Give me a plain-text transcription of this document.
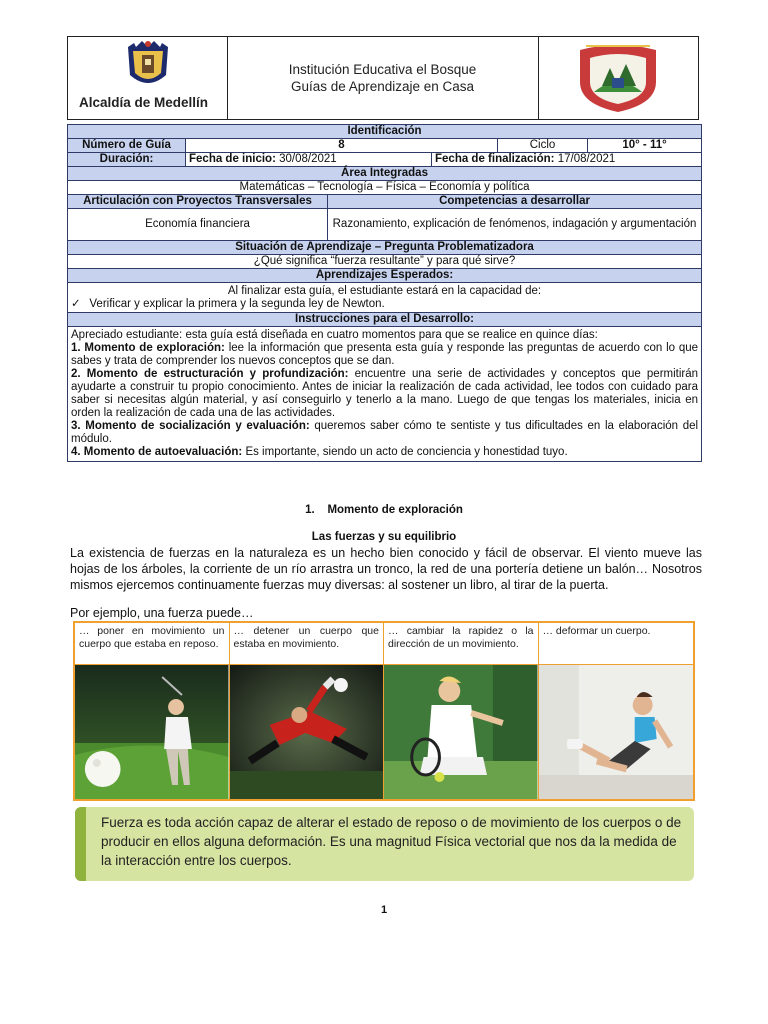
Alcaldía de Medellín
Institución Educativa el Bosque
Guías de Aprendizaje en Casa
Identificación					
Número de Guía	8			Ciclo	10° - 11°
Duración:	Fecha de inicio: 30/08/2021		Fecha de finalización: 17/08/2021		
Área Integradas					
Matemáticas – Tecnología – Física – Economía y política					
Articulación con Proyectos Transversales		Competencias a desarrollar			
Economía financiera		Razonamiento, explicación de fenómenos, indagación y argumentación			
Situación de Aprendizaje – Pregunta Problematizadora					
¿Qué significa “fuerza resultante” y para qué sirve?					
Aprendizajes Esperados:					

Al finalizar esta guía, el estudiante estará en la capacidad de:
✓ Verificar y explicar la primera y la segunda ley de Newton.					

Instrucciones para el Desarrollo:					

Apreciado estudiante: esta guía está diseñada en cuatro momentos para que se realice en quince días:
1. Momento de exploración: lee la información que presenta esta guía y responde las preguntas de acuerdo con lo que sabes y trata de comprender los nuevos conceptos que se dan.
2. Momento de estructuración y profundización: encuentre una serie de actividades y conceptos que permitirán ayudarte a construir tu propio conocimiento. Antes de iniciar la realización de cada actividad, lee todos con cuidado para saber si necesitas algún material, y así conseguirlo y tenerlo a la mano. Luego de que tengas los materiales, inicia en orden la realización de cada una de las actividades.
3. Momento de socialización y evaluación: queremos saber cómo te sentiste y tus dificultades en la elaboración del módulo.
4. Momento de autoevaluación: Es importante, siendo un acto de conciencia y honestidad tuyo.					
1.    Momento de exploración
Las fuerzas y su equilibrio
La existencia de fuerzas en la naturaleza es un hecho bien conocido y fácil de observar. El viento mueve las hojas de los árboles, la corriente de un río arrastra un tronco, la red de una portería detiene un balón… Nosotros mismos ejercemos continuamente fuerzas muy diversas: al sostener un libro, al tirar de la puerta.
Por ejemplo, una fuerza puede…
… poner en movimiento un cuerpo que estaba en reposo.
… detener un cuerpo que estaba en movimiento.
… cambiar la rapidez o la dirección de un movimiento.
… deformar un cuerpo.
Fuerza es toda acción capaz de alterar el estado de reposo o de movimiento de los cuerpos o de producir en ellos alguna deformación. Es una magnitud Física vectorial que nos da la medida de la interacción entre los cuerpos.
1
